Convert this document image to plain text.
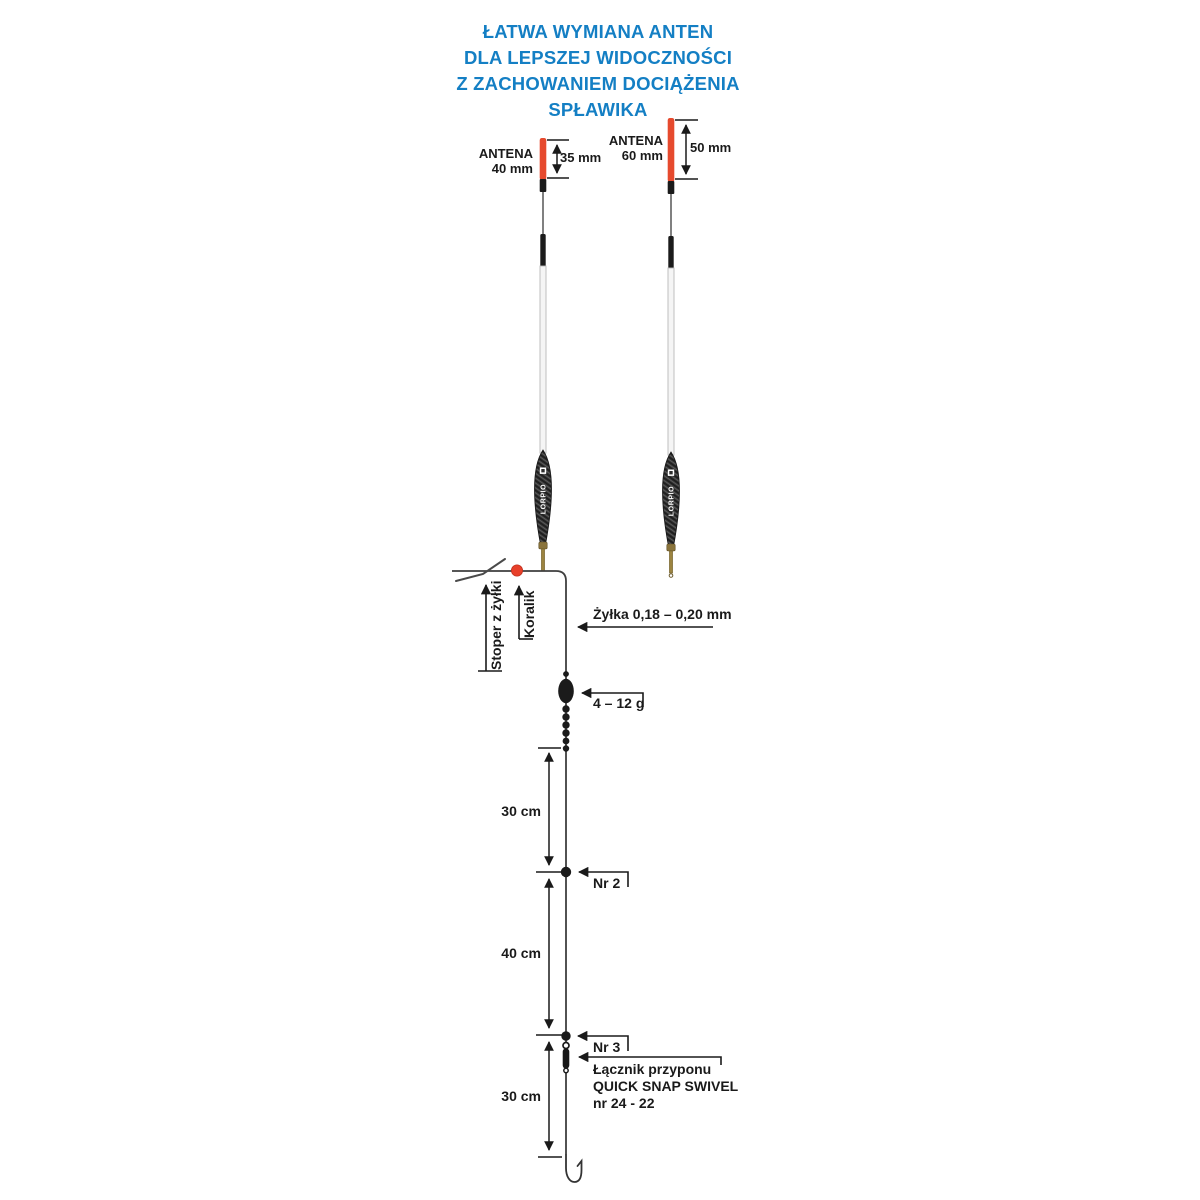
LORPIO	LORPIO
ŁATWA WYMIANA ANTEN
DLA LEPSZEJ WIDOCZNOŚCI
Z ZACHOWANIEM DOCIĄŻENIA
SPŁAWIKA
ANTENA
40 mm
35 mm
ANTENA
60 mm 50 mm
Stoper z żyłki Koralik	Żyłka 0,18 – 0,20 mm
4 – 12 g
30 cm
Nr 2
40 cm
Nr 3
Łącznik przyponu
QUICK SNAP SWIVEL
nr 24 - 22
30 cm
